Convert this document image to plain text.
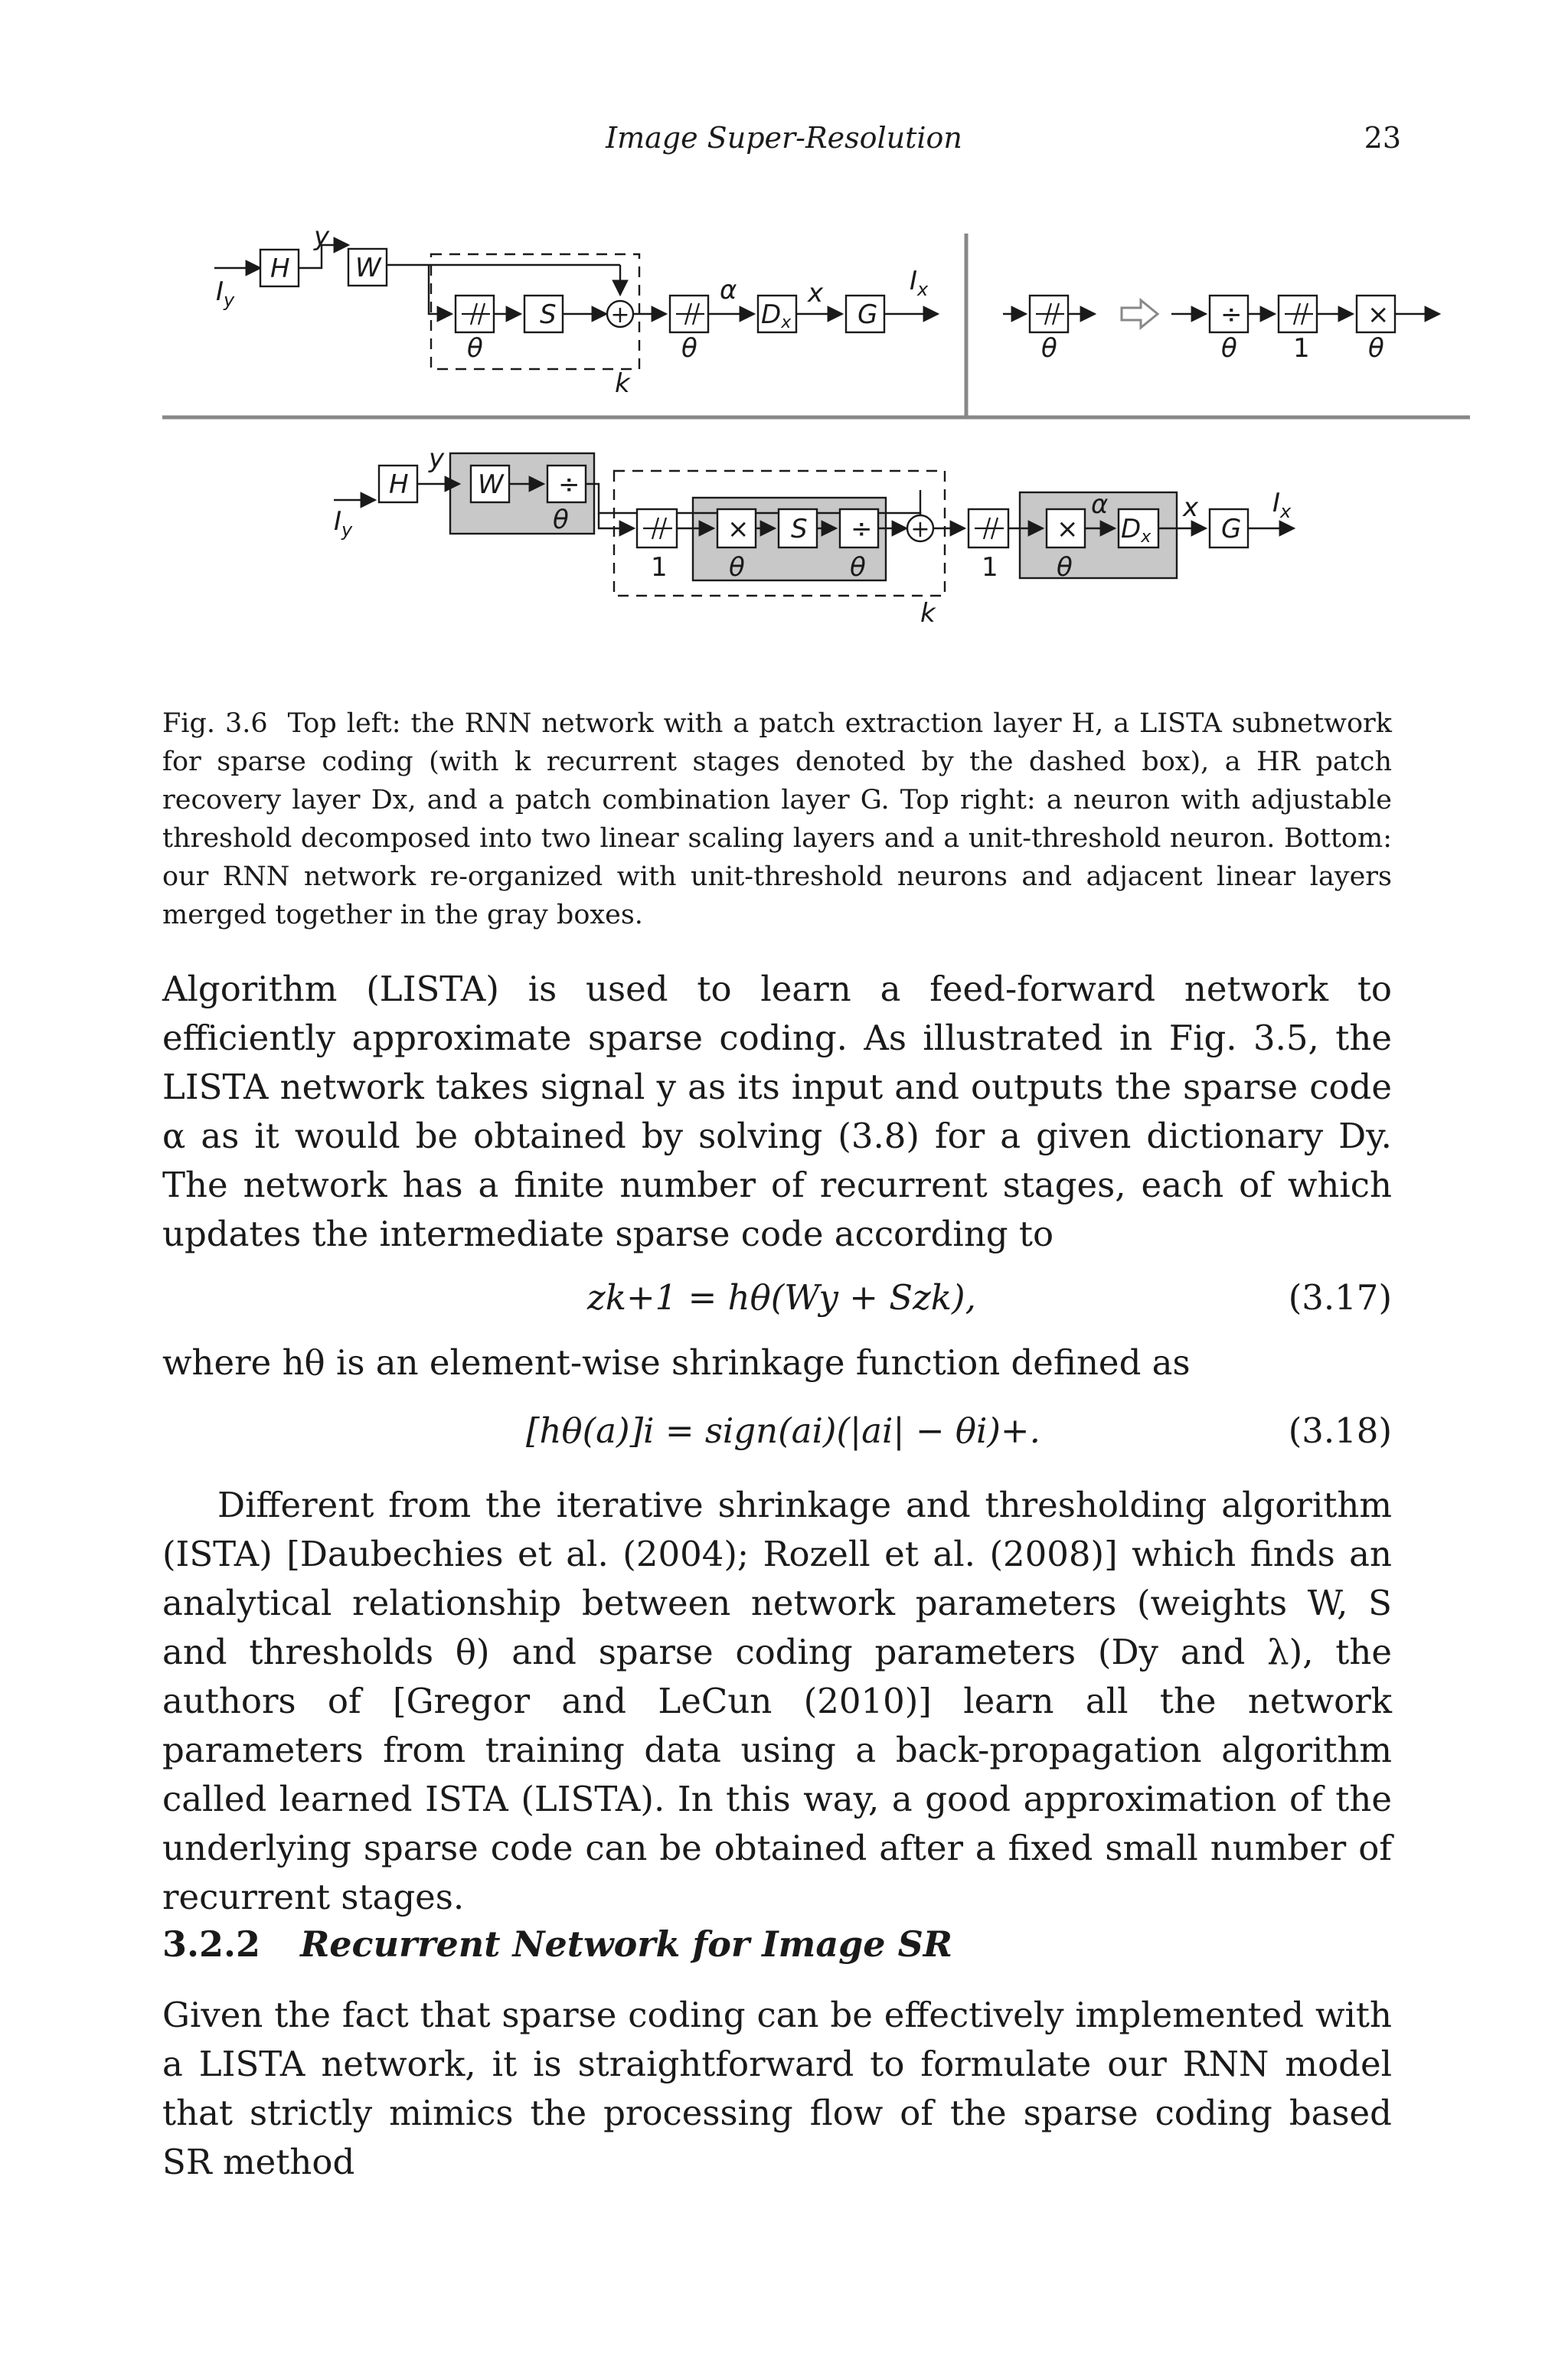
Image Super-Resolution	23
$I_y$
H
y
W
S
θ	θ
α
Dx
x
G
$I_x$
k
θ	θ 1 θ
÷	×
$I_y$
H
y
W ÷
θ	× S ÷
1 θ	θ	1 θ
×
α
Dx
x
G
$I_x$
k
+
+
Fig. 3.6 Top left: the RNN network with a patch extraction layer H, a LISTA subnetwork for sparse coding (with k recurrent stages denoted by the dashed box), a HR patch recovery layer Dx, and a patch combination layer G. Top right: a neuron with adjustable threshold decomposed into two linear scaling layers and a unit-threshold neuron. Bottom: our RNN network re-organized with unit-threshold neurons and adjacent linear layers merged together in the gray boxes.
Algorithm (LISTA) is used to learn a feed-forward network to efficiently approximate sparse coding. As illustrated in Fig. 3.5, the LISTA network takes signal y as its input and outputs the sparse code α as it would be obtained by solving (3.8) for a given dictionary Dy. The network has a finite number of recurrent stages, each of which updates the intermediate sparse code according to
zk+1 = hθ(Wy + Szk),	(3.17)
where hθ is an element-wise shrinkage function defined as
[hθ(a)]i = sign(ai)(|ai| − θi)+.	(3.18)
Different from the iterative shrinkage and thresholding algorithm (ISTA) [Daubechies et al. (2004); Rozell et al. (2008)] which finds an analytical relationship between network parameters (weights W, S and thresholds θ) and sparse coding parameters (Dy and λ), the authors of [Gregor and LeCun (2010)] learn all the network parameters from training data using a back-propagation algorithm called learned ISTA (LISTA). In this way, a good approximation of the underlying sparse code can be obtained after a fixed small number of recurrent stages.
3.2.2 Recurrent Network for Image SR
Given the fact that sparse coding can be effectively implemented with a LISTA network, it is straightforward to formulate our RNN model that strictly mimics the processing flow of the sparse coding based SR method
